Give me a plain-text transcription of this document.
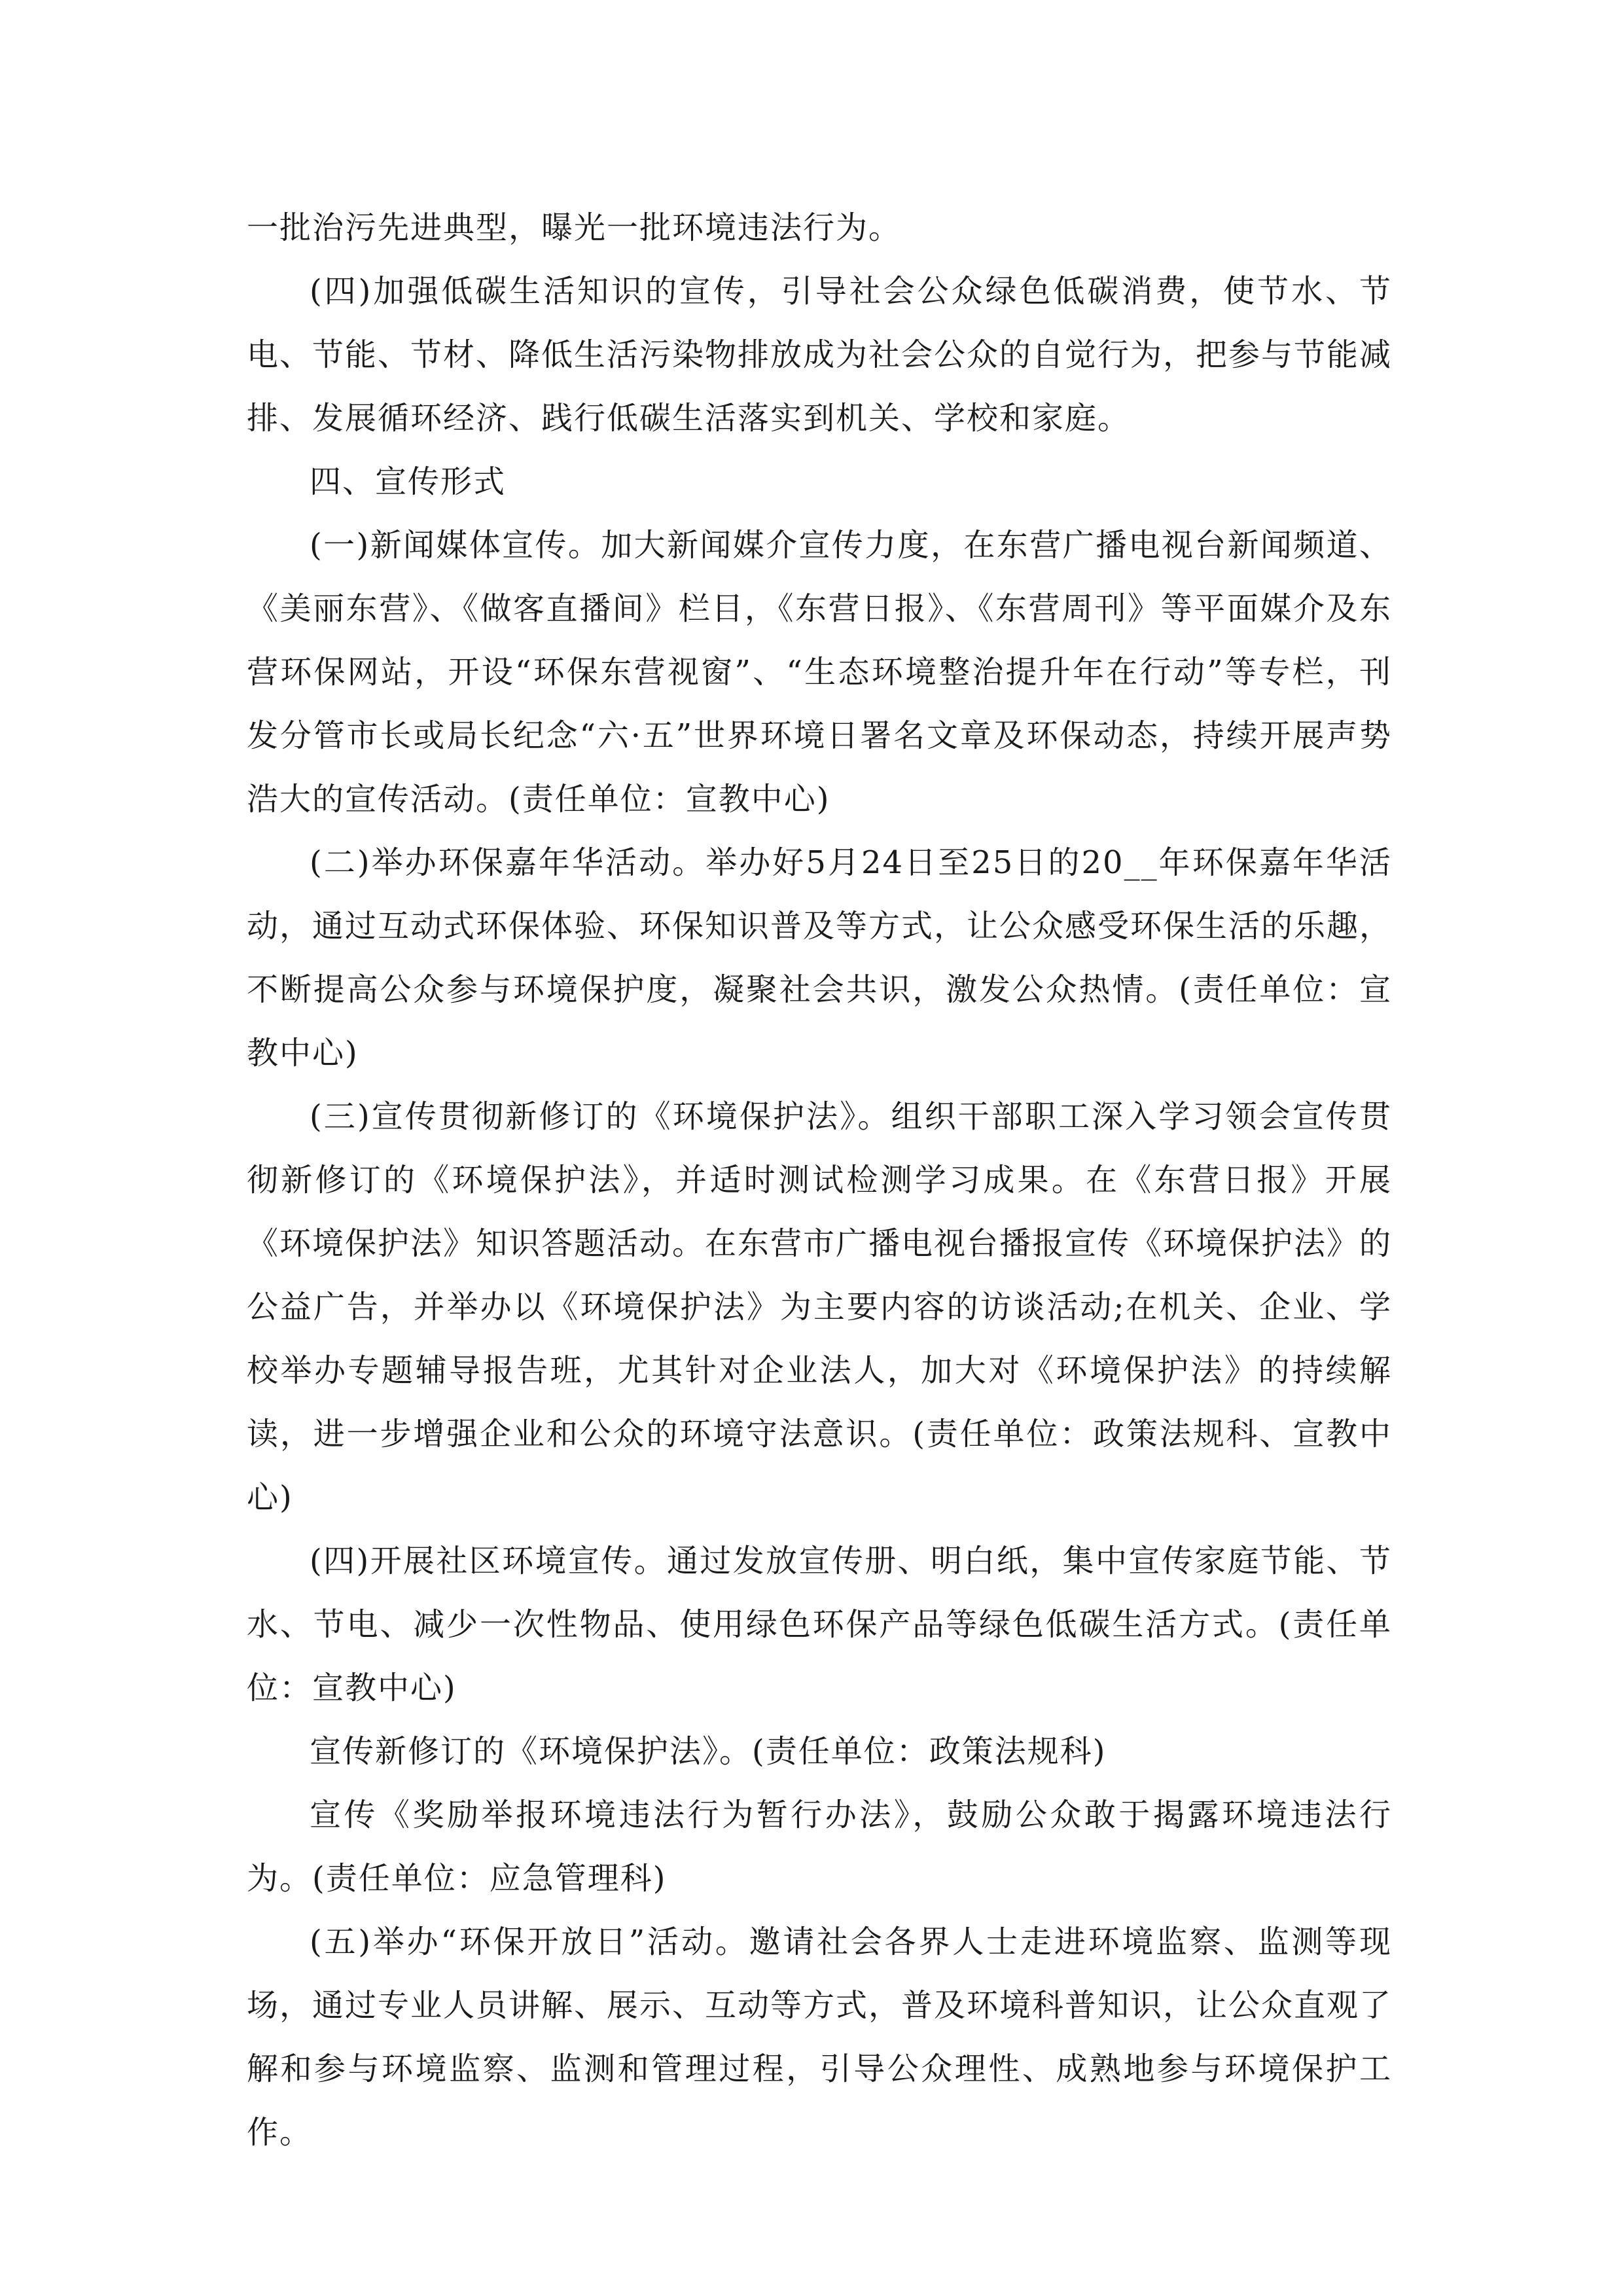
一批治污先进典型，曝光一批环境违法行为。

(四)加强低碳生活知识的宣传，引导社会公众绿色低碳消费，使节水、节电、节能、节材、降低生活污染物排放成为社会公众的自觉行为，把参与节能减排、发展循环经济、践行低碳生活落实到机关、学校和家庭。

四、宣传形式

(一)新闻媒体宣传。加大新闻媒介宣传力度，在东营广播电视台新闻频道、《美丽东营》、《做客直播间》栏目，《东营日报》、《东营周刊》等平面媒介及东营环保网站，开设“环保东营视窗”、“生态环境整治提升年在行动”等专栏，刊发分管市长或局长纪念“六·五”世界环境日署名文章及环保动态，持续开展声势浩大的宣传活动。(责任单位：宣教中心)

(二)举办环保嘉年华活动。举办好5月24日至25日的20__年环保嘉年华活动，通过互动式环保体验、环保知识普及等方式，让公众感受环保生活的乐趣，不断提高公众参与环境保护度，凝聚社会共识，激发公众热情。(责任单位：宣教中心)

(三)宣传贯彻新修订的《环境保护法》。组织干部职工深入学习领会宣传贯彻新修订的《环境保护法》，并适时测试检测学习成果。在《东营日报》开展《环境保护法》知识答题活动。在东营市广播电视台播报宣传《环境保护法》的公益广告，并举办以《环境保护法》为主要内容的访谈活动;在机关、企业、学校举办专题辅导报告班，尤其针对企业法人，加大对《环境保护法》的持续解读，进一步增强企业和公众的环境守法意识。(责任单位：政策法规科、宣教中心)

(四)开展社区环境宣传。通过发放宣传册、明白纸，集中宣传家庭节能、节水、节电、减少一次性物品、使用绿色环保产品等绿色低碳生活方式。(责任单位：宣教中心)

宣传新修订的《环境保护法》。(责任单位：政策法规科)

宣传《奖励举报环境违法行为暂行办法》，鼓励公众敢于揭露环境违法行为。(责任单位：应急管理科)

(五)举办“环保开放日”活动。邀请社会各界人士走进环境监察、监测等现场，通过专业人员讲解、展示、互动等方式，普及环境科普知识，让公众直观了解和参与环境监察、监测和管理过程，引导公众理性、成熟地参与环境保护工作。
